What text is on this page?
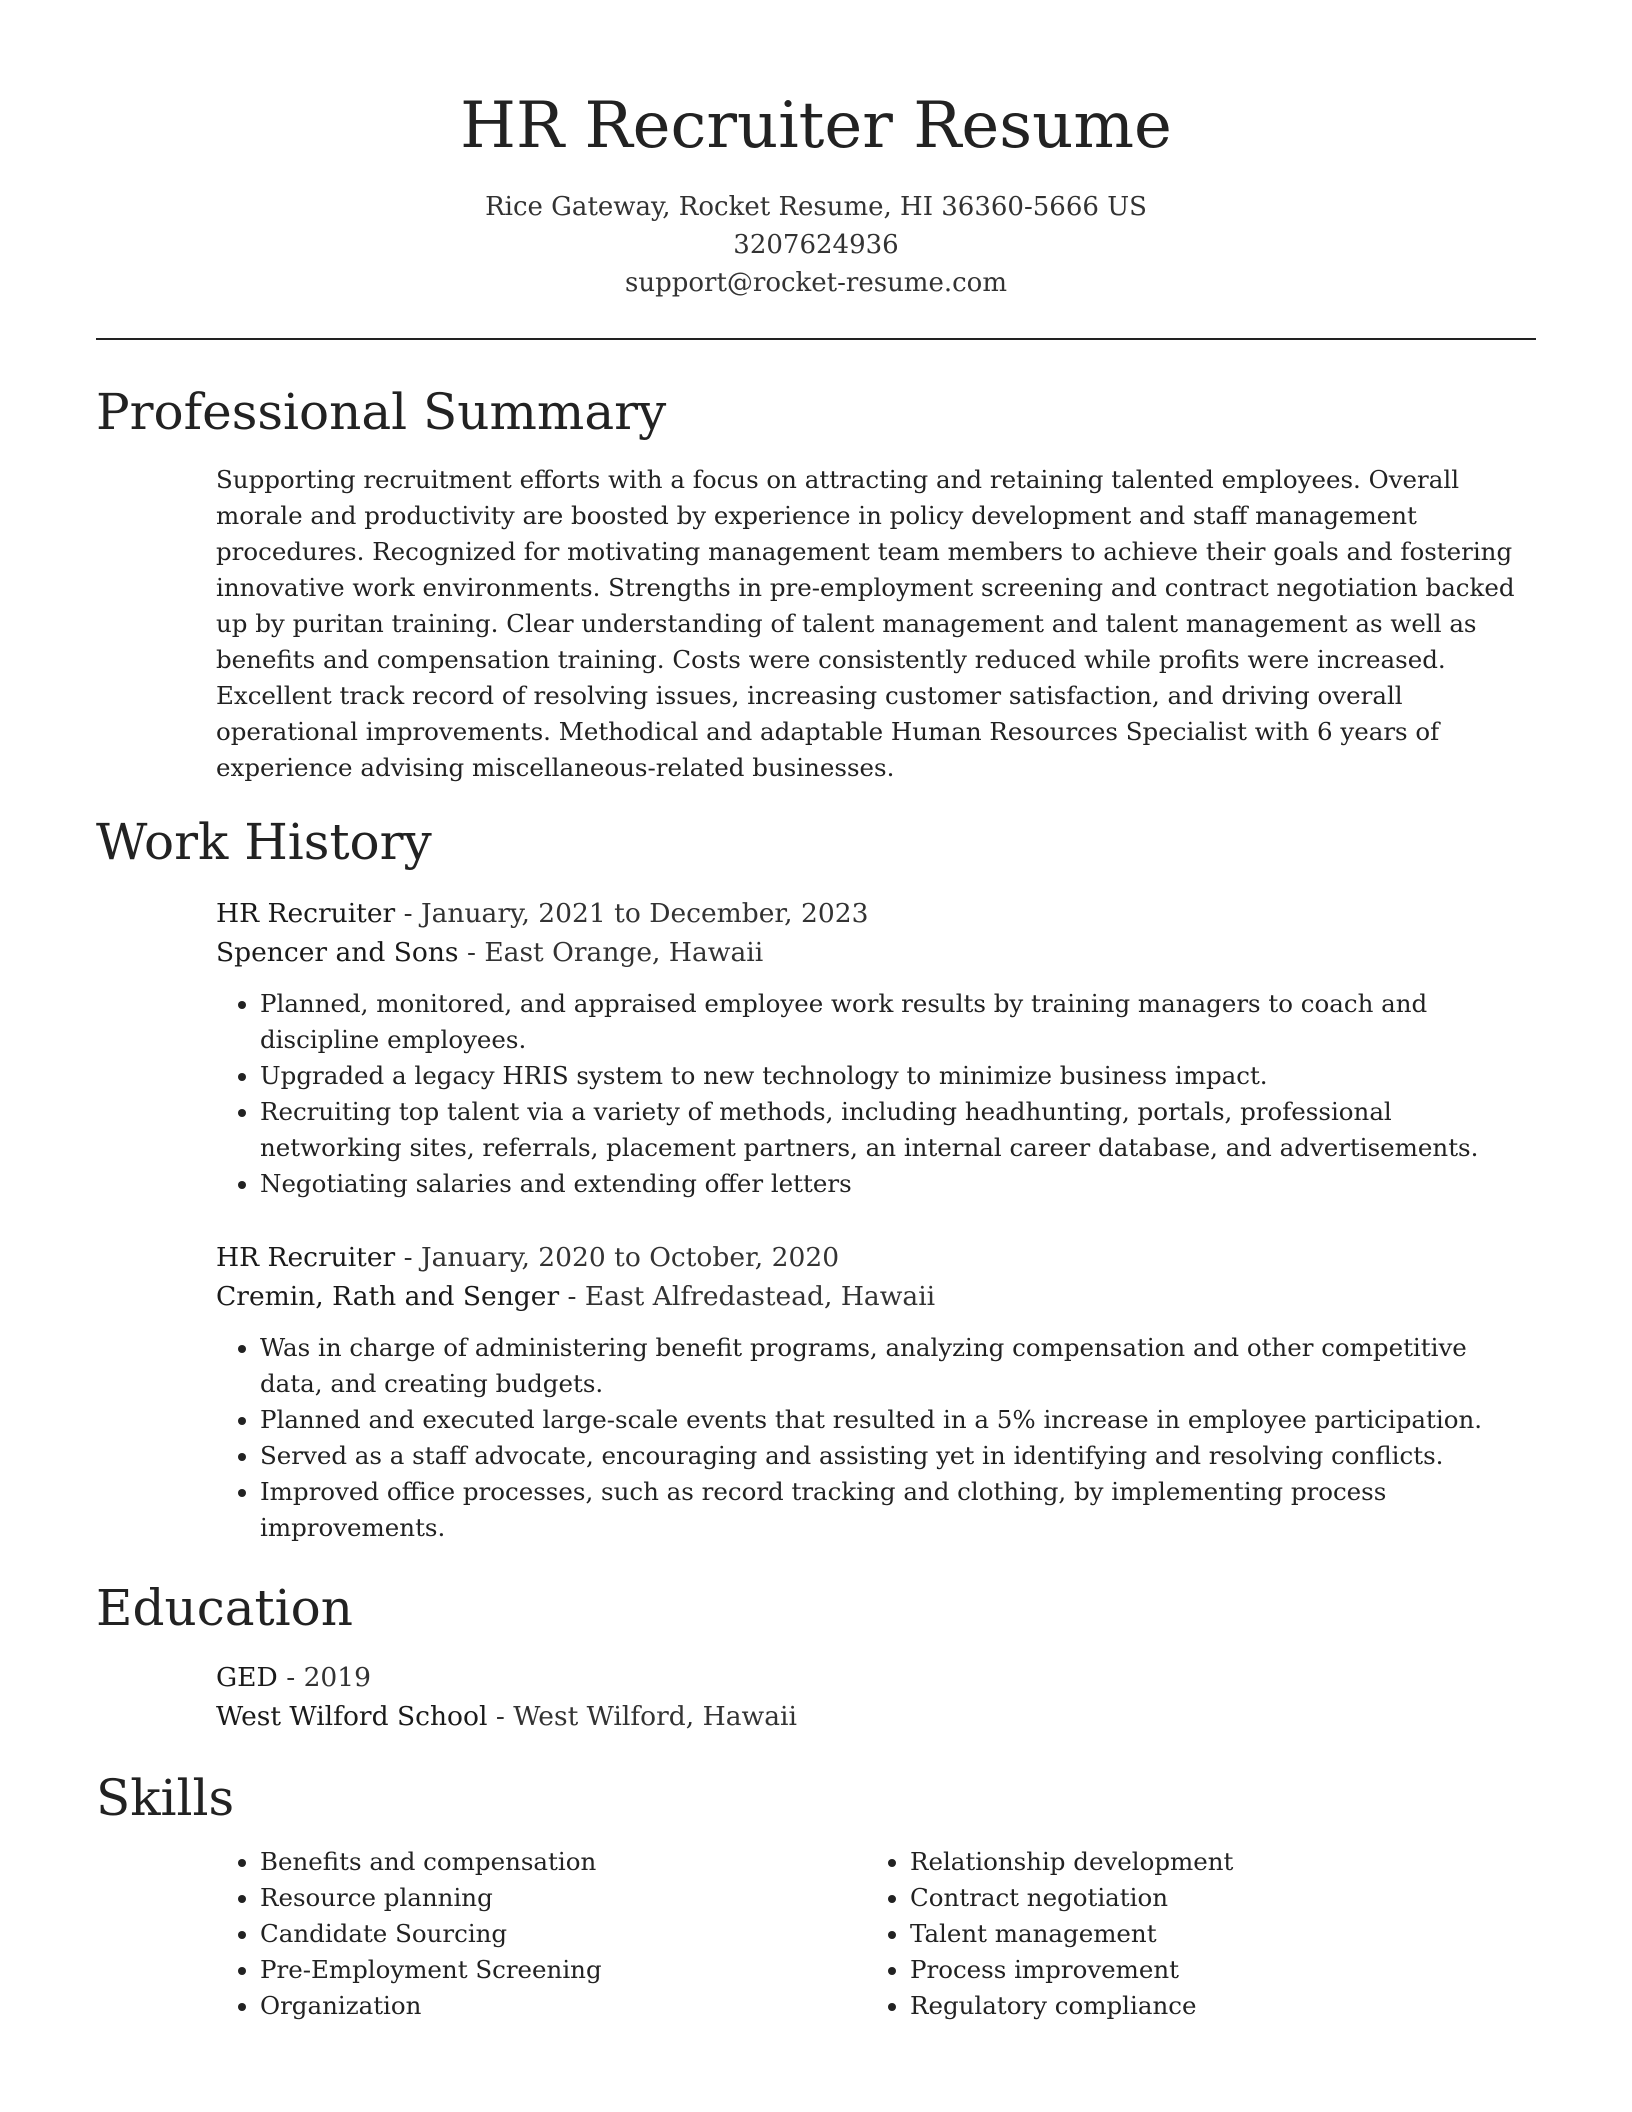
HR Recruiter Resume
Rice Gateway, Rocket Resume, HI 36360-5666 US
3207624936
support@rocket-resume.com
Professional Summary
Supporting recruitment efforts with a focus on attracting and retaining talented employees. Overall morale and productivity are boosted by experience in policy development and staff management procedures. Recognized for motivating management team members to achieve their goals and fostering innovative work environments. Strengths in pre-employment screening and contract negotiation backed up by puritan training. Clear understanding of talent management and talent management as well as benefits and compensation training. Costs were consistently reduced while profits were increased. Excellent track record of resolving issues, increasing customer satisfaction, and driving overall operational improvements. Methodical and adaptable Human Resources Specialist with 6 years of experience advising miscellaneous-related businesses.
Work History
HR Recruiter - January, 2021 to December, 2023
Spencer and Sons - East Orange, Hawaii
• Planned, monitored, and appraised employee work results by training managers to coach and discipline employees.
• Upgraded a legacy HRIS system to new technology to minimize business impact.
• Recruiting top talent via a variety of methods, including headhunting, portals, professional networking sites, referrals, placement partners, an internal career database, and advertisements.
• Negotiating salaries and extending offer letters
HR Recruiter - January, 2020 to October, 2020
Cremin, Rath and Senger - East Alfredastead, Hawaii
• Was in charge of administering benefit programs, analyzing compensation and other competitive data, and creating budgets.
• Planned and executed large-scale events that resulted in a 5% increase in employee participation.
• Served as a staff advocate, encouraging and assisting yet in identifying and resolving conflicts.
• Improved office processes, such as record tracking and clothing, by implementing process improvements.
Education
GED - 2019
West Wilford School - West Wilford, Hawaii
Skills
• Benefits and compensation
• Resource planning
• Candidate Sourcing
• Pre-Employment Screening
• Organization
• Relationship development
• Contract negotiation
• Talent management
• Process improvement
• Regulatory compliance
